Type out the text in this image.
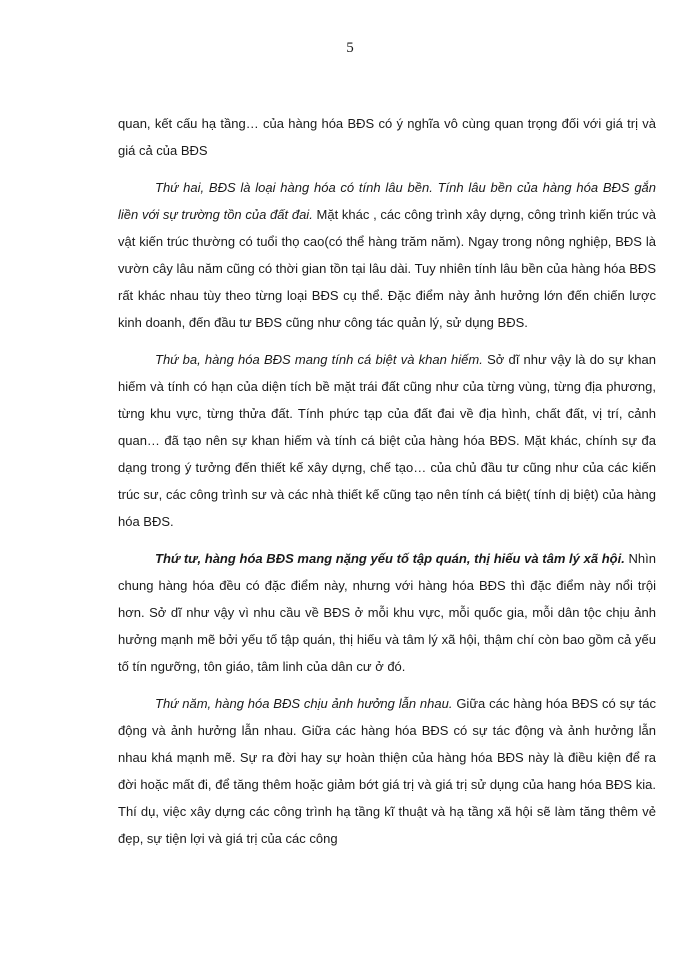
5

quan, kết cấu hạ tầng… của hàng hóa BĐS có ý nghĩa vô cùng quan trọng đối với giá trị và giá cả của BĐS

Thứ hai, BĐS là loại hàng hóa có tính lâu bền. Tính lâu bền của hàng hóa BĐS gắn liền với sự trường tồn của đất đai. Mặt khác , các công trình xây dựng, công trình kiến trúc và vật kiến trúc thường có tuổi thọ cao(có thể hàng trăm năm). Ngay trong nông nghiệp, BĐS là vườn cây lâu năm cũng có thời gian tồn tại lâu dài. Tuy nhiên tính lâu bền của hàng hóa BĐS rất khác nhau tùy theo từng loại BĐS cụ thể. Đặc điểm này ảnh hưởng lớn đến chiến lược kinh doanh, đến đầu tư BĐS cũng như công tác quản lý, sử dụng BĐS.

Thứ ba, hàng hóa BĐS mang tính cá biệt và khan hiếm. Sở dĩ như vậy là do sự khan hiếm và tính có hạn của diện tích bề mặt trái đất cũng như của từng vùng, từng địa phương, từng khu vực, từng thửa đất. Tính phức tạp của đất đai về địa hình, chất đất, vị trí, cảnh quan… đã tạo nên sự khan hiếm và tính cá biệt của hàng hóa BĐS. Mặt khác, chính sự đa dạng trong ý tưởng đến thiết kế xây dựng, chế tạo… của chủ đầu tư cũng như của các kiến trúc sư, các công trình sư và các nhà thiết kế cũng tạo nên tính cá biệt( tính dị biệt) của hàng hóa BĐS.

Thứ tư, hàng hóa BĐS mang nặng yếu tố tập quán, thị hiếu và tâm lý xã hội. Nhìn chung hàng hóa đều có đặc điểm này, nhưng với hàng hóa BĐS thì đặc điểm này nổi trội hơn. Sở dĩ như vậy vì nhu cầu về BĐS ở mỗi khu vực, mỗi quốc gia, mỗi dân tộc chịu ảnh hưởng mạnh mẽ bởi yếu tố tập quán, thị hiếu và tâm lý xã hội, thậm chí còn bao gồm cả yếu tố tín ngưỡng, tôn giáo, tâm linh của dân cư ở đó.

Thứ năm, hàng hóa BĐS chịu ảnh hưởng lẫn nhau. Giữa các hàng hóa BĐS có sự tác động và ảnh hưởng lẫn nhau. Giữa các hàng hóa BĐS có sự tác động và ảnh hưởng lẫn nhau khá mạnh mẽ. Sự ra đời hay sự hoàn thiện của hàng hóa BĐS này là điều kiện để ra đời hoặc mất đi, để tăng thêm hoặc giảm bớt giá trị và giá trị sử dụng của hang hóa BĐS kia. Thí dụ, việc xây dựng các công trình hạ tầng kĩ thuật và hạ tầng xã hội sẽ làm tăng thêm vẻ đẹp, sự tiện lợi và giá trị của các công
